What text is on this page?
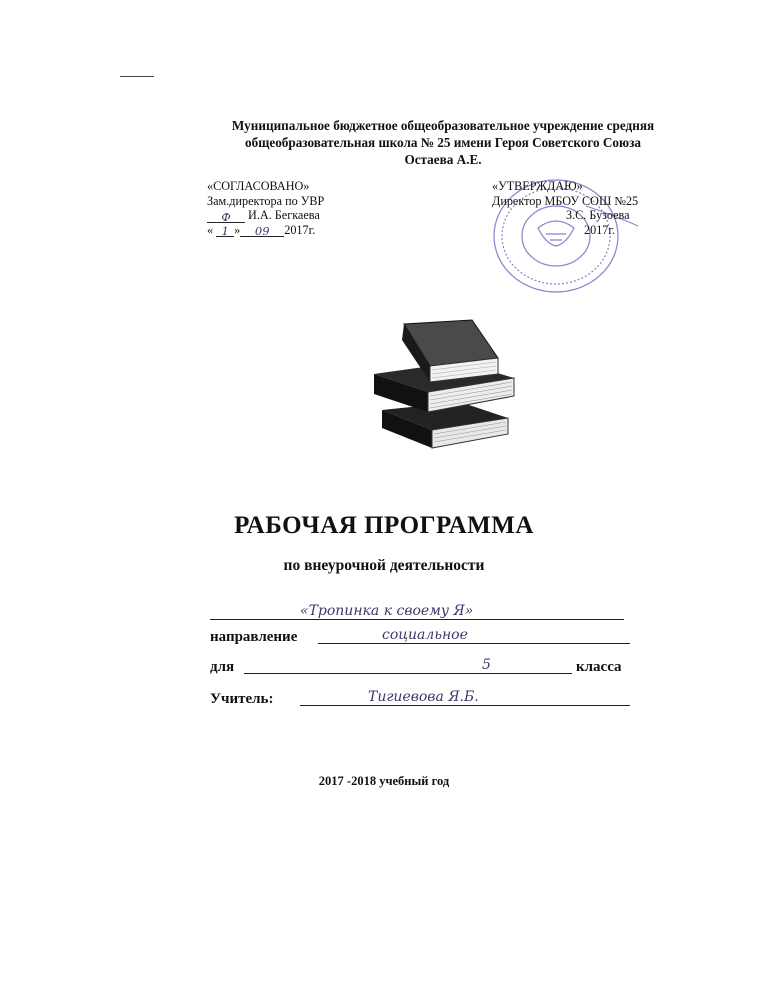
Муниципальное бюджетное общеобразовательное учреждение средняя
общеобразовательная школа № 25 имени Героя Советского Союза
Остаева А.Е.
«СОГЛАСОВАНО»
Зам.директора по УВР
Ф И.А. Бегкаева
« 1 » 09 2017г.
«УТВЕРЖДАЮ»
Директор МБОУ СОШ №25
З.С. Бузоева
2017г.
РАБОЧАЯ ПРОГРАММА
по внеурочной деятельности
«Тропинка к своему Я»
направление	социальное
для	5	класса
Учитель:	Тигиевова Я.Б.
2017 -2018 учебный год
